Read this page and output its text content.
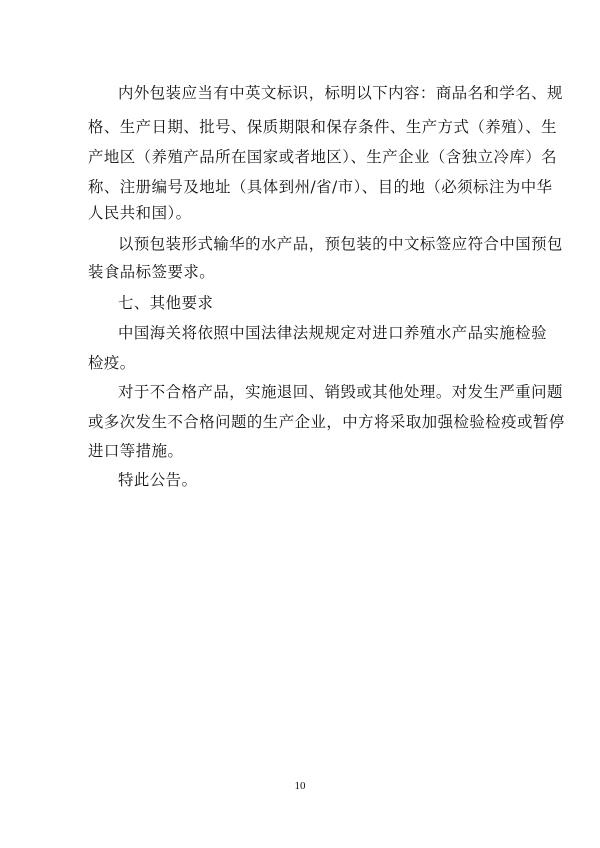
内外包装应当有中英文标识，标明以下内容：商品名和学名、规
格、生产日期、批号、保质期限和保存条件、生产方式（养殖）、生
产地区（养殖产品所在国家或者地区）、生产企业（含独立冷库）名
称、注册编号及地址（具体到州/省/市）、目的地（必须标注为中华
人民共和国）。
以预包装形式输华的水产品，预包装的中文标签应符合中国预包
装食品标签要求。
七、其他要求
中国海关将依照中国法律法规规定对进口养殖水产品实施检验
检疫。
对于不合格产品，实施退回、销毁或其他处理。对发生严重问题
或多次发生不合格问题的生产企业，中方将采取加强检验检疫或暂停
进口等措施。
特此公告。
10
